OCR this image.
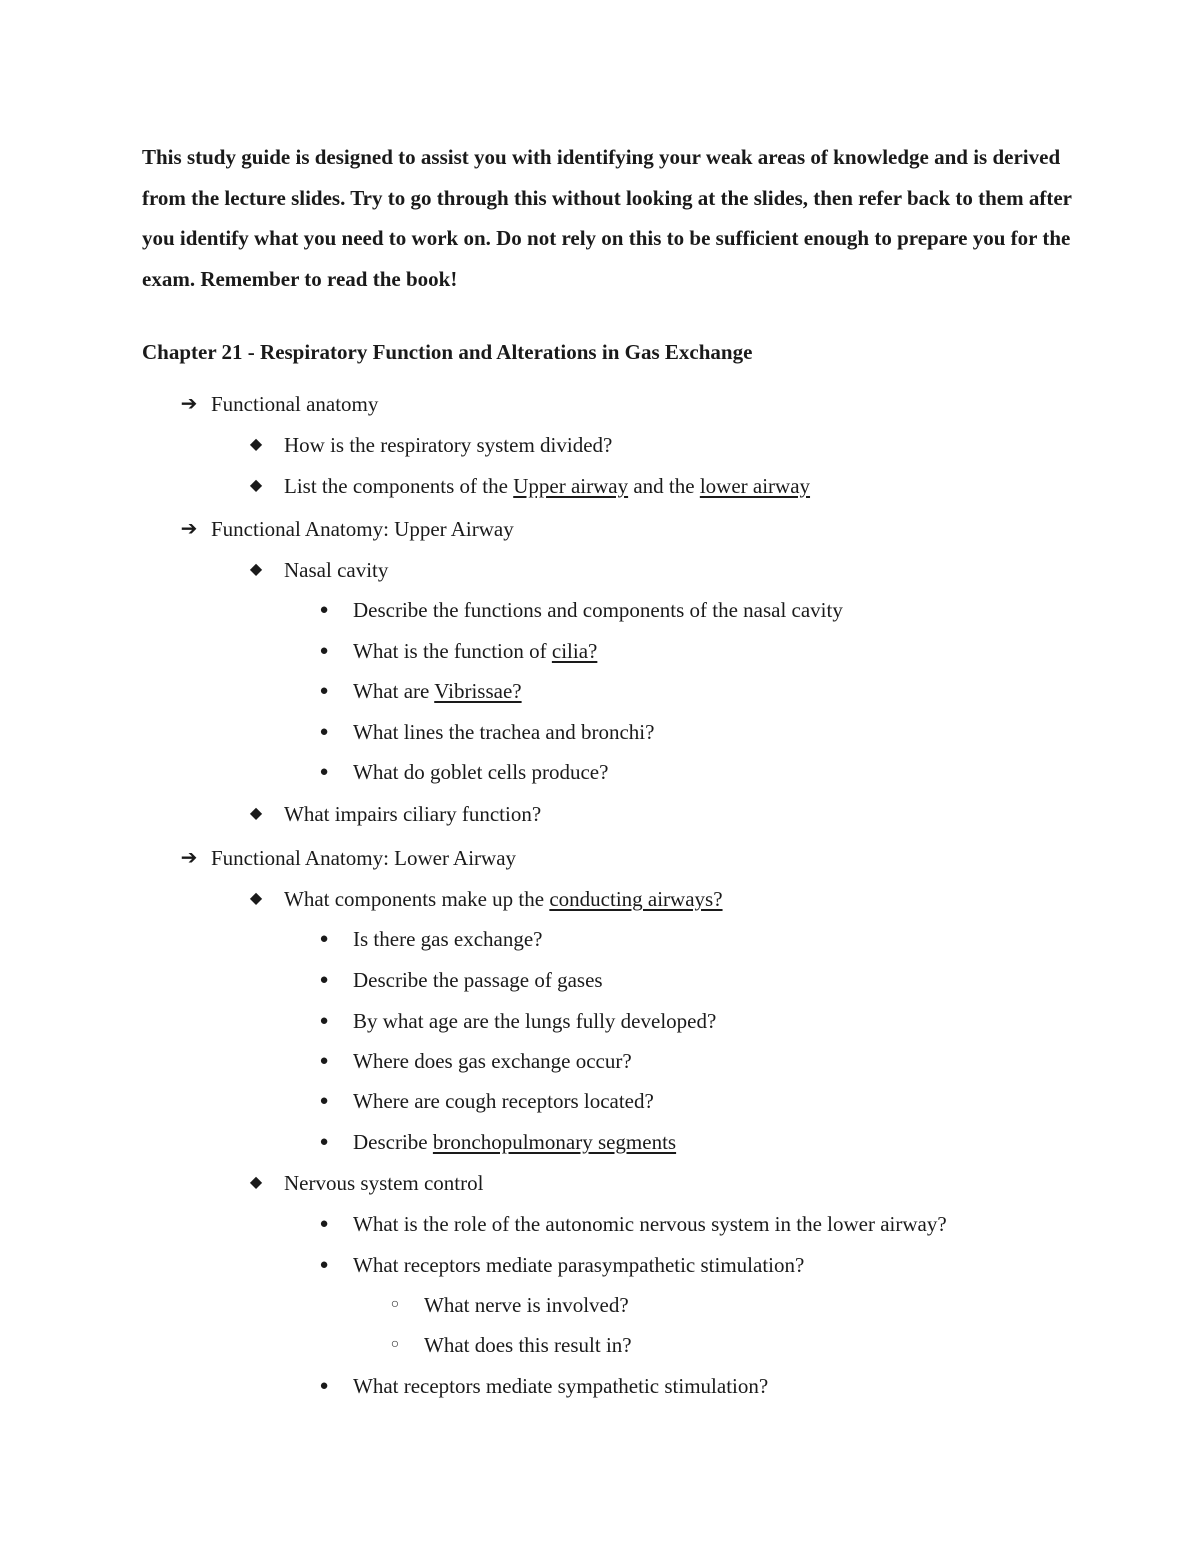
This study guide is designed to assist you with identifying your weak areas of knowledge and is derived from the lecture slides. Try to go through this without looking at the slides, then refer back to them after you identify what you need to work on. Do not rely on this to be sufficient enough to prepare you for the exam. Remember to read the book!

Chapter 21 - Respiratory Function and Alterations in Gas Exchange

➔ Functional anatomy
◆ How is the respiratory system divided?
◆ List the components of the Upper airway and the lower airway
➔ Functional Anatomy: Upper Airway
◆ Nasal cavity
● Describe the functions and components of the nasal cavity
● What is the function of cilia?
● What are Vibrissae?
● What lines the trachea and bronchi?
● What do goblet cells produce?
◆ What impairs ciliary function?
➔ Functional Anatomy: Lower Airway
◆ What components make up the conducting airways?
● Is there gas exchange?
● Describe the passage of gases
● By what age are the lungs fully developed?
● Where does gas exchange occur?
● Where are cough receptors located?
● Describe bronchopulmonary segments
◆ Nervous system control
● What is the role of the autonomic nervous system in the lower airway?
● What receptors mediate parasympathetic stimulation?
○ What nerve is involved?
○ What does this result in?
● What receptors mediate sympathetic stimulation?
